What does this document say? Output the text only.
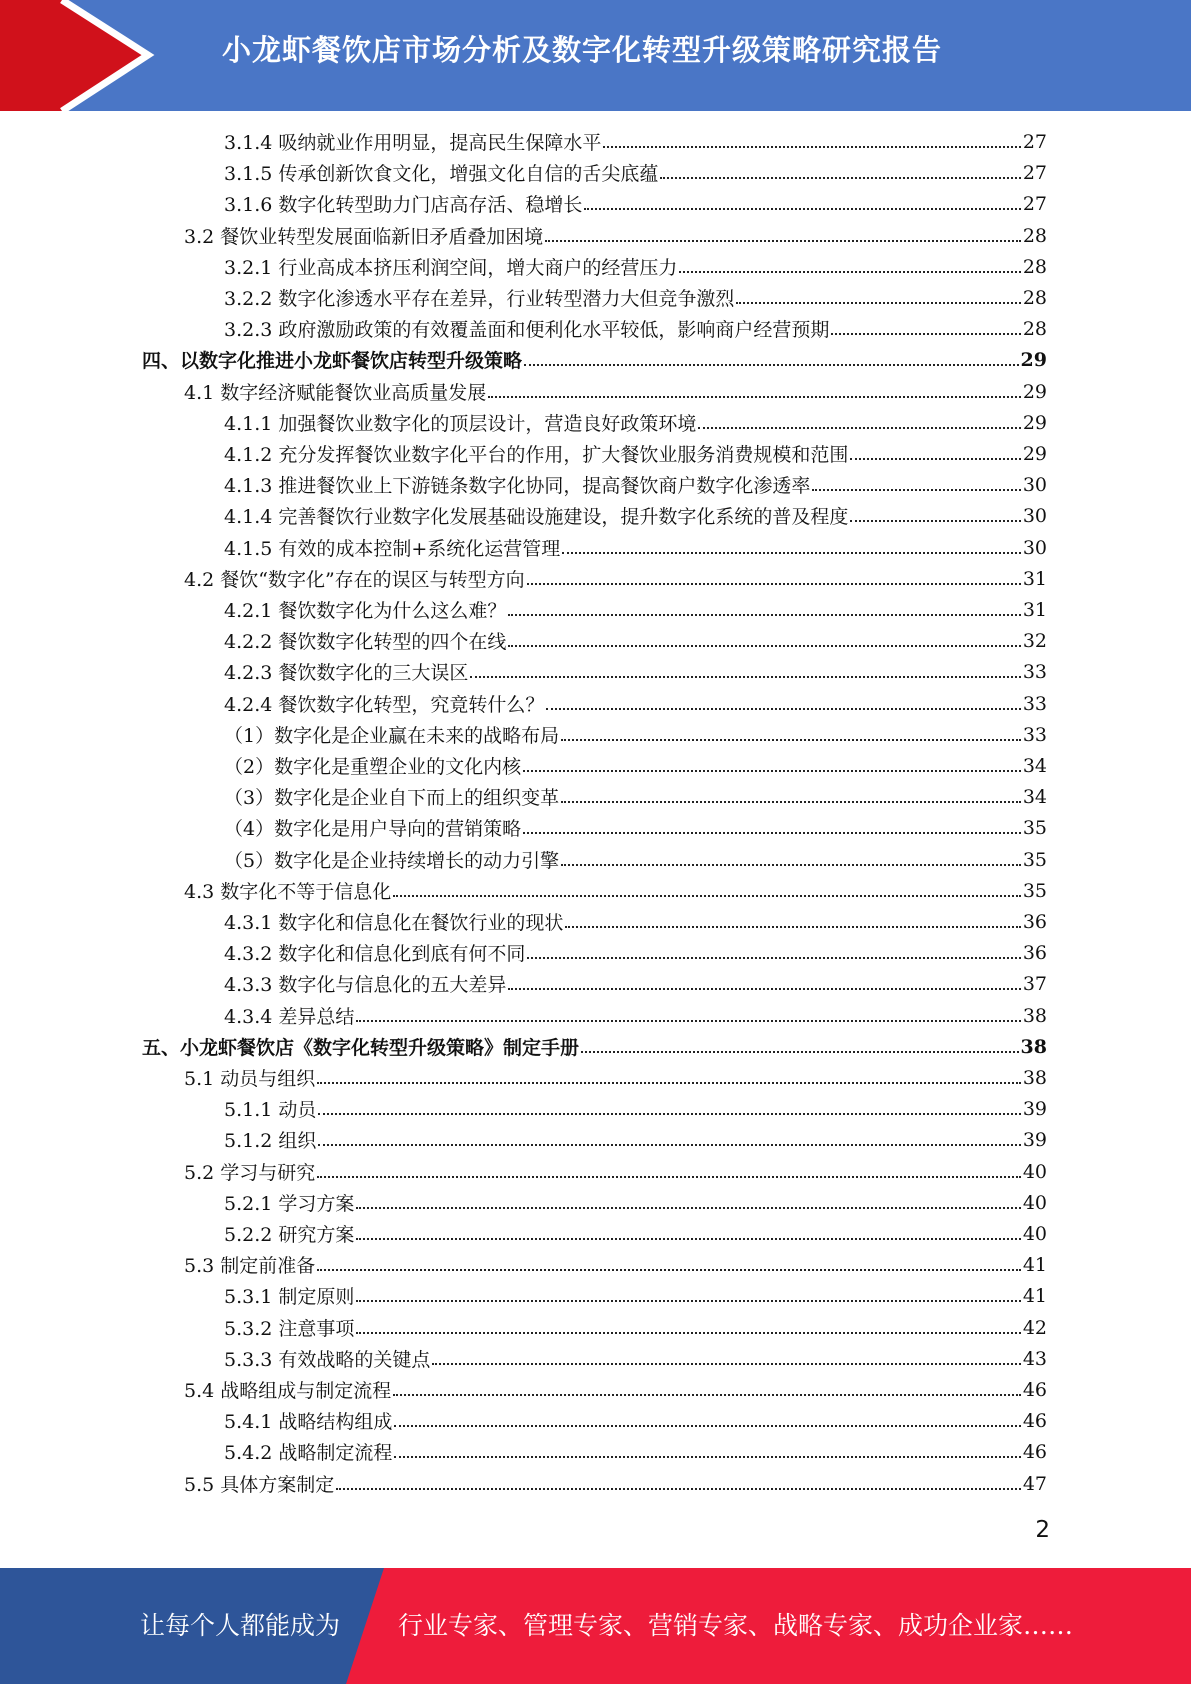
小龙虾餐饮店市场分析及数字化转型升级策略研究报告
3.1.4 吸纳就业作用明显，提高民生保障水平	27
3.1.5 传承创新饮食文化，增强文化自信的舌尖底蕴	27
3.1.6 数字化转型助力门店高存活、稳增长	27
3.2 餐饮业转型发展面临新旧矛盾叠加困境	28
3.2.1 行业高成本挤压利润空间，增大商户的经营压力	28
3.2.2 数字化渗透水平存在差异，行业转型潜力大但竞争激烈	28
3.2.3 政府激励政策的有效覆盖面和便利化水平较低，影响商户经营预期	28
四、以数字化推进小龙虾餐饮店转型升级策略	29
4.1 数字经济赋能餐饮业高质量发展	29
4.1.1 加强餐饮业数字化的顶层设计，营造良好政策环境	29
4.1.2 充分发挥餐饮业数字化平台的作用，扩大餐饮业服务消费规模和范围	29
4.1.3 推进餐饮业上下游链条数字化协同，提高餐饮商户数字化渗透率	30
4.1.4 完善餐饮行业数字化发展基础设施建设，提升数字化系统的普及程度	30
4.1.5 有效的成本控制+系统化运营管理	30
4.2 餐饮“数字化”存在的误区与转型方向	31
4.2.1 餐饮数字化为什么这么难？	31
4.2.2 餐饮数字化转型的四个在线	32
4.2.3 餐饮数字化的三大误区	33
4.2.4 餐饮数字化转型，究竟转什么？	33
（1）数字化是企业赢在未来的战略布局	33
（2）数字化是重塑企业的文化内核	34
（3）数字化是企业自下而上的组织变革	34
（4）数字化是用户导向的营销策略	35
（5）数字化是企业持续增长的动力引擎	35
4.3 数字化不等于信息化	35
4.3.1 数字化和信息化在餐饮行业的现状	36
4.3.2 数字化和信息化到底有何不同	36
4.3.3 数字化与信息化的五大差异	37
4.3.4 差异总结	38
五、小龙虾餐饮店《数字化转型升级策略》制定手册	38
5.1 动员与组织	38
5.1.1 动员	39
5.1.2 组织	39
5.2 学习与研究	40
5.2.1 学习方案	40
5.2.2 研究方案	40
5.3 制定前准备	41
5.3.1 制定原则	41
5.3.2 注意事项	42
5.3.3 有效战略的关键点	43
5.4 战略组成与制定流程	46
5.4.1 战略结构组成	46
5.4.2 战略制定流程	46
5.5 具体方案制定	47
2
让每个人都能成为 行业专家、管理专家、营销专家、战略专家、成功企业家……
